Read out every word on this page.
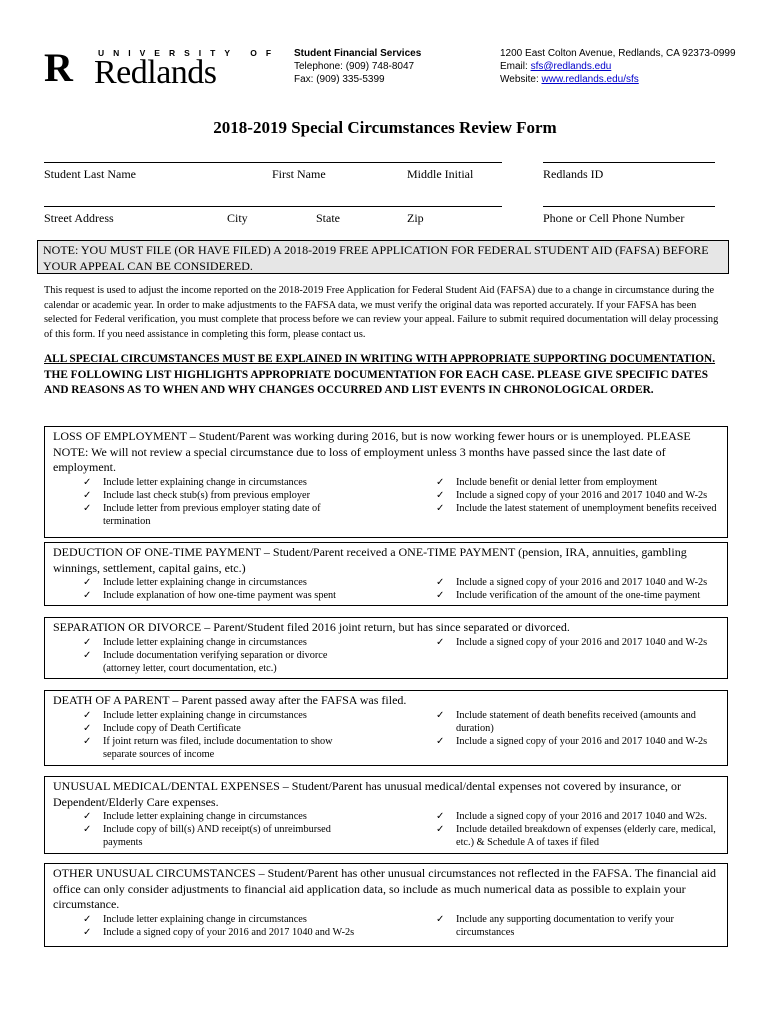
R	UNIVERSITY OF
Redlands
Student Financial Services
Telephone: (909) 748-8047
Fax: (909) 335-5399
1200 East Colton Avenue, Redlands, CA 92373-0999
Email: sfs@redlands.edu
Website: www.redlands.edu/sfs
2018-2019 Special Circumstances Review Form
Student Last Name	First Name	Middle Initial	Redlands ID
Street Address	City	State	Zip	Phone or Cell Phone Number
NOTE: YOU MUST FILE (OR HAVE FILED) A 2018-2019 FREE APPLICATION FOR FEDERAL STUDENT AID (FAFSA) BEFORE YOUR APPEAL CAN BE CONSIDERED.

This request is used to adjust the income reported on the 2018-2019 Free Application for Federal Student Aid (FAFSA) due to a change in circumstance during the calendar or academic year. In order to make adjustments to the FAFSA data, we must verify the original data was reported accurately. If your FAFSA has been selected for Federal verification, you must complete that process before we can review your appeal. Failure to submit required documentation will delay processing of this form. If you need assistance in completing this form, please contact us.

ALL SPECIAL CIRCUMSTANCES MUST BE EXPLAINED IN WRITING WITH APPROPRIATE SUPPORTING DOCUMENTATION. THE FOLLOWING LIST HIGHLIGHTS APPROPRIATE DOCUMENTATION FOR EACH CASE. PLEASE GIVE SPECIFIC DATES AND REASONS AS TO WHEN AND WHY CHANGES OCCURRED AND LIST EVENTS IN CHRONOLOGICAL ORDER.

LOSS OF EMPLOYMENT – Student/Parent was working during 2016, but is now working fewer hours or is unemployed. PLEASE NOTE: We will not review a special circumstance due to loss of employment unless 3 months have passed since the last date of employment.
✓ Include letter explaining change in circumstances
✓ Include last check stub(s) from previous employer
✓ Include letter from previous employer stating date of termination
✓ Include benefit or denial letter from employment
✓ Include a signed copy of your 2016 and 2017 1040 and W-2s
✓ Include the latest statement of unemployment benefits received
DEDUCTION OF ONE-TIME PAYMENT – Student/Parent received a ONE-TIME PAYMENT (pension, IRA, annuities, gambling winnings, settlement, capital gains, etc.)
✓ Include letter explaining change in circumstances
✓ Include explanation of how one-time payment was spent
✓ Include a signed copy of your 2016 and 2017 1040 and W-2s
✓ Include verification of the amount of the one-time payment
SEPARATION OR DIVORCE – Parent/Student filed 2016 joint return, but has since separated or divorced.
✓ Include letter explaining change in circumstances
✓ Include documentation verifying separation or divorce (attorney letter, court documentation, etc.)
✓ Include a signed copy of your 2016 and 2017 1040 and W-2s
DEATH OF A PARENT – Parent passed away after the FAFSA was filed.
✓ Include letter explaining change in circumstances
✓ Include copy of Death Certificate
✓ If joint return was filed, include documentation to show separate sources of income
✓ Include statement of death benefits received (amounts and duration)
✓ Include a signed copy of your 2016 and 2017 1040 and W-2s
UNUSUAL MEDICAL/DENTAL EXPENSES – Student/Parent has unusual medical/dental expenses not covered by insurance, or Dependent/Elderly Care expenses.
✓ Include letter explaining change in circumstances
✓ Include copy of bill(s) AND receipt(s) of unreimbursed payments
✓ Include a signed copy of your 2016 and 2017 1040 and W2s.
✓ Include detailed breakdown of expenses (elderly care, medical, etc.) & Schedule A of taxes if filed
OTHER UNUSUAL CIRCUMSTANCES – Student/Parent has other unusual circumstances not reflected in the FAFSA. The financial aid office can only consider adjustments to financial aid application data, so include as much numerical data as possible to explain your circumstance.
✓ Include letter explaining change in circumstances
✓ Include a signed copy of your 2016 and 2017 1040 and W-2s
✓ Include any supporting documentation to verify your circumstances
